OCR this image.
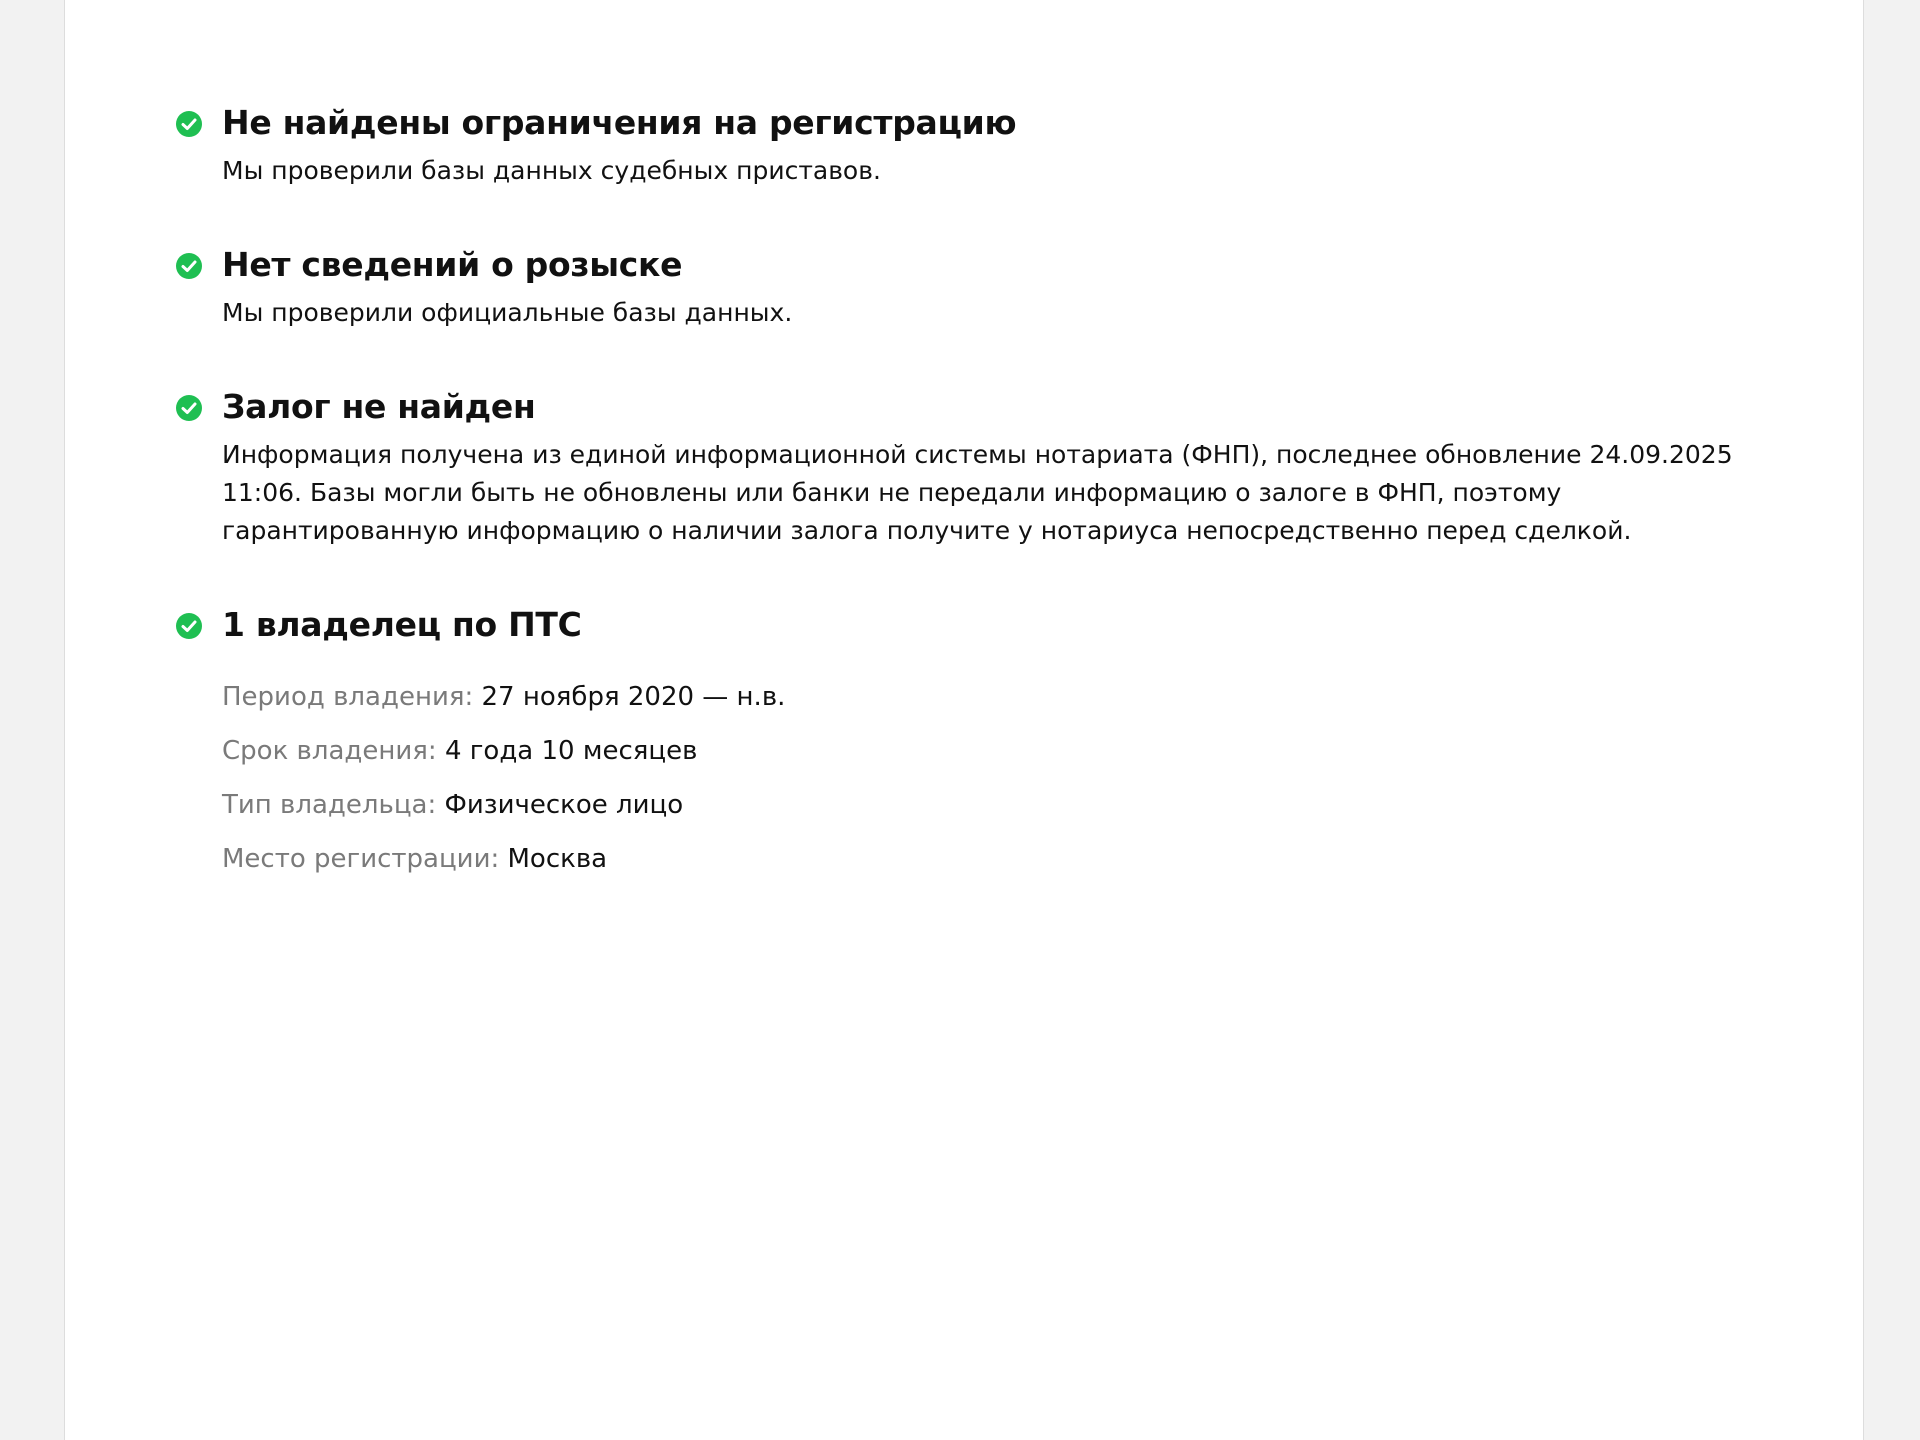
Не найдены ограничения на регистрацию

Мы проверили базы данных судебных приставов.

Нет сведений о розыске

Мы проверили официальные базы данных.

Залог не найден

Информация получена из единой информационной системы нотариата (ФНП), последнее обновление 24.09.2025 11:06. Базы могли быть не обновлены или банки не передали информацию о залоге в ФНП, поэтому гарантированную информацию о наличии залога получите у нотариуса непосредственно перед сделкой.

1 владелец по ПТС
Период владения: 27 ноября 2020 — н.в.
Срок владения: 4 года 10 месяцев
Тип владельца: Физическое лицо
Место регистрации: Москва
